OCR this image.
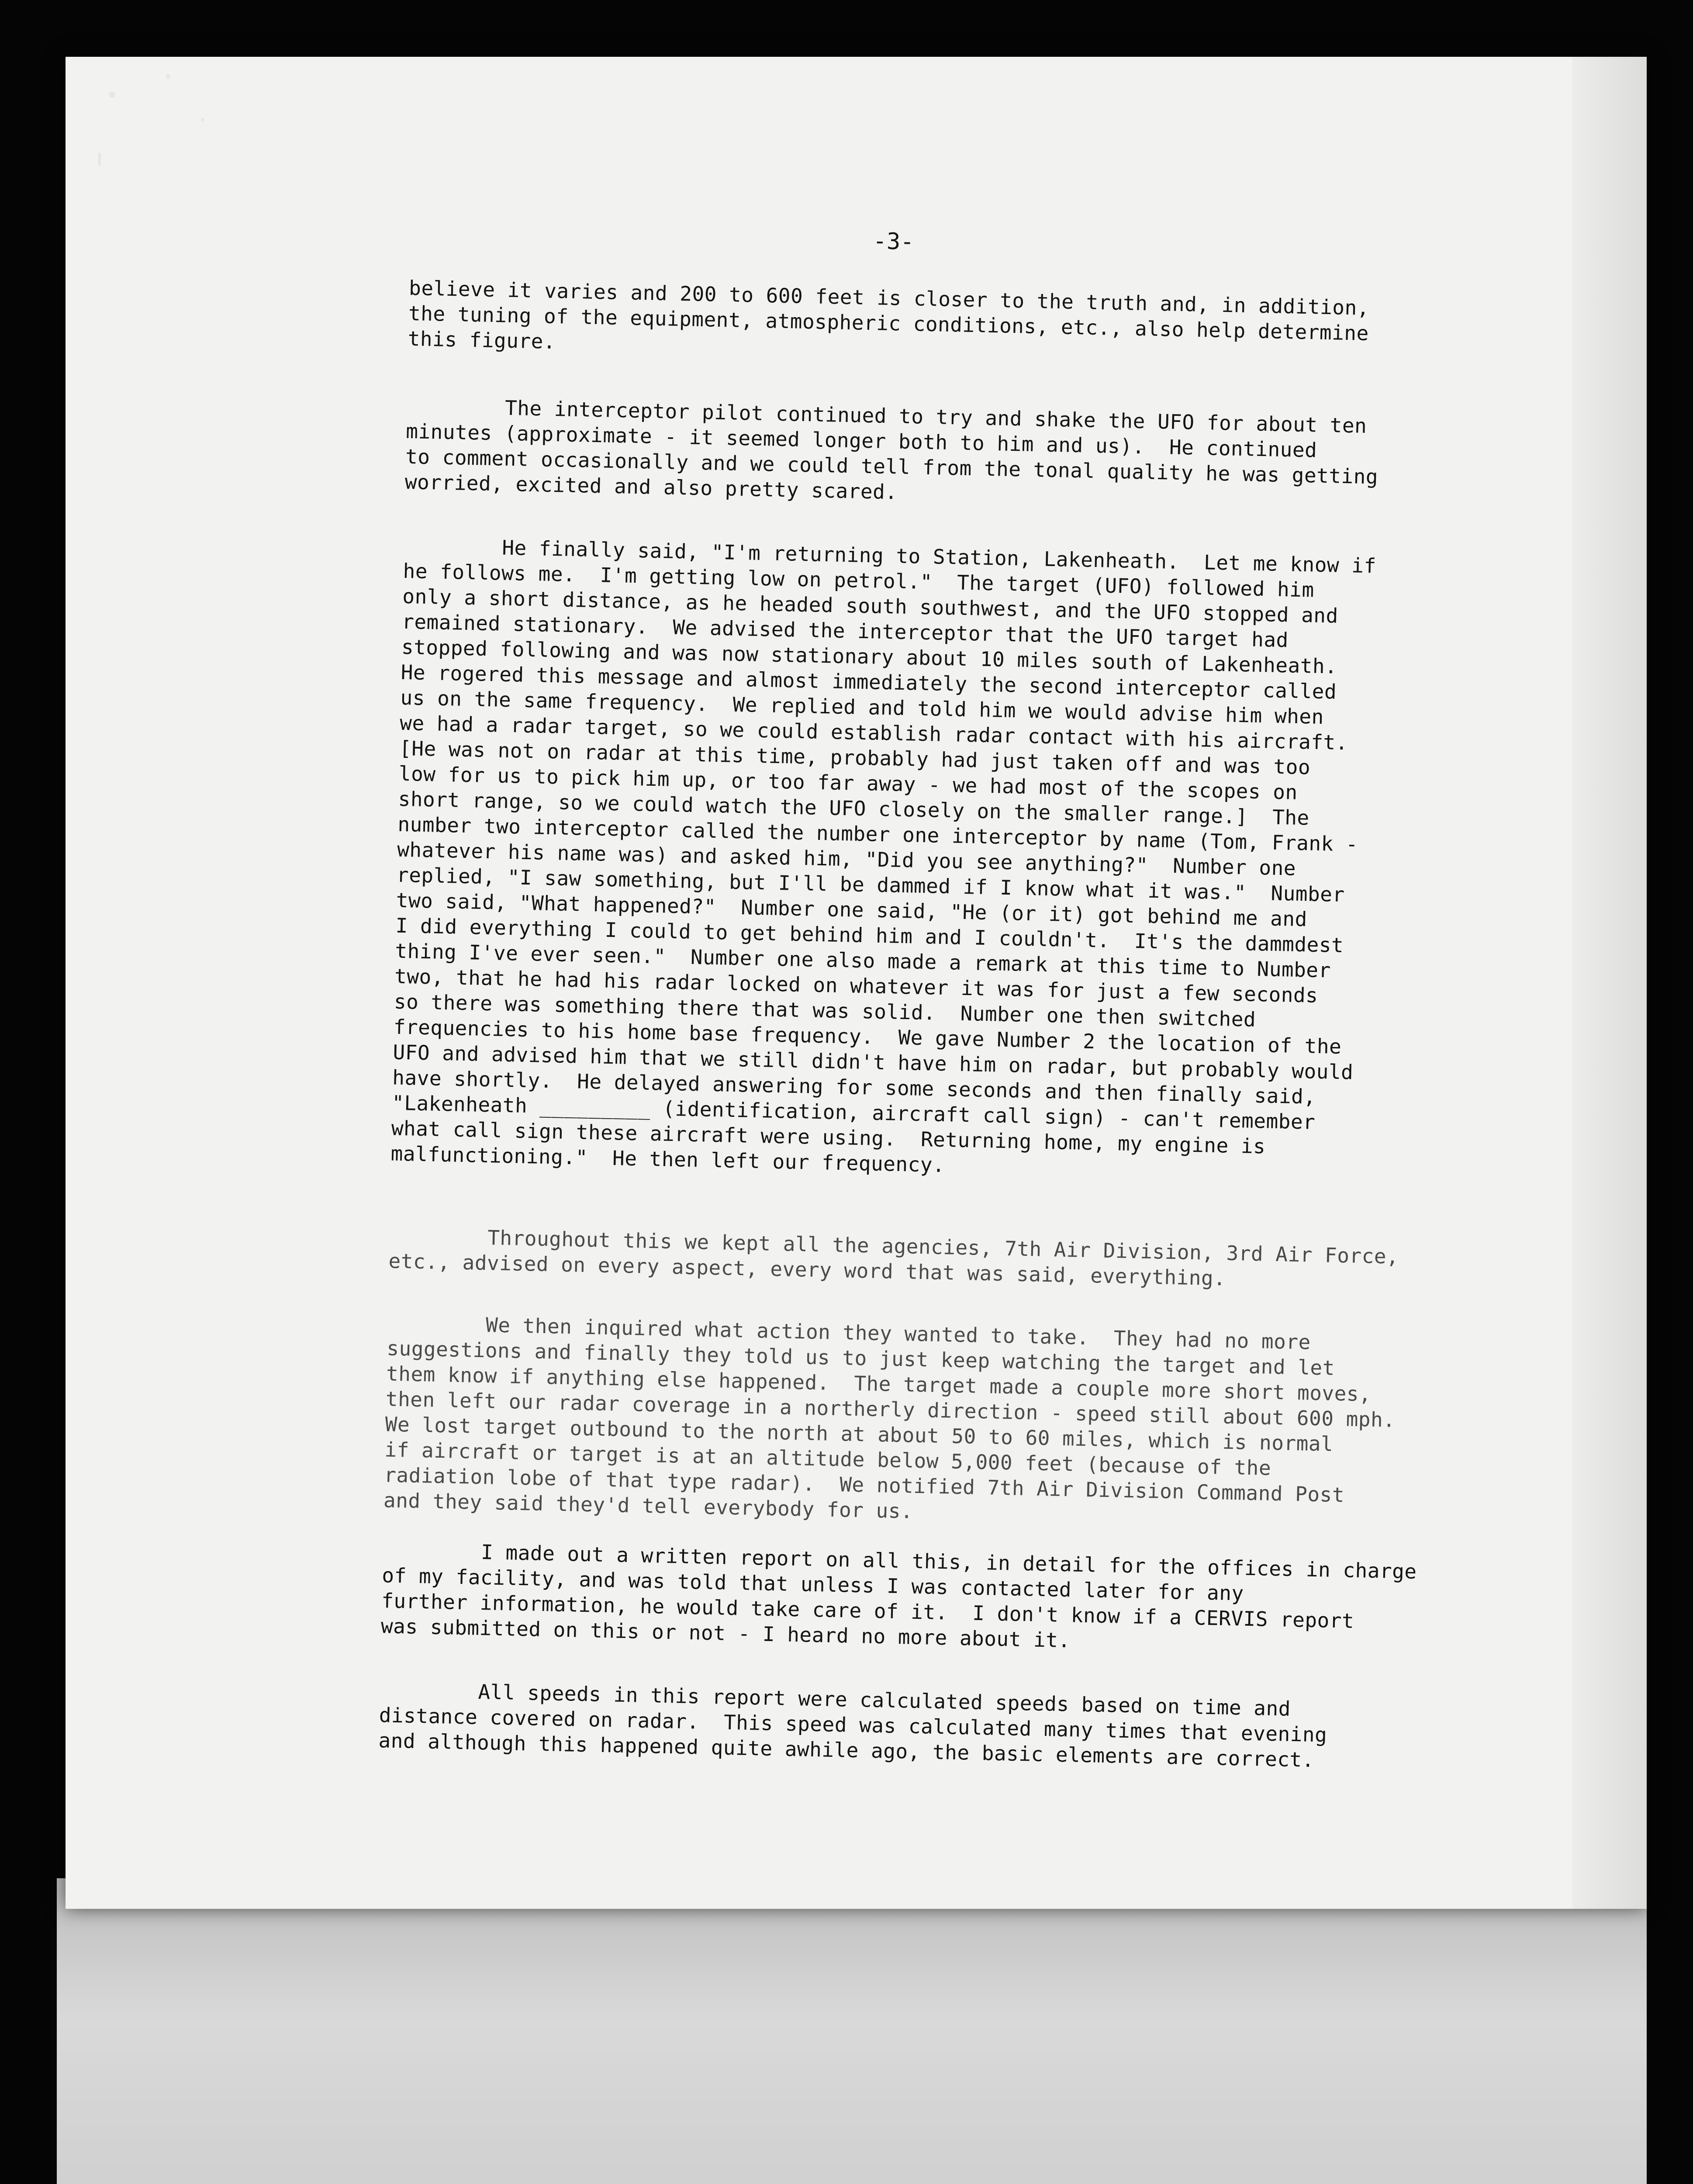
-3-

believe it varies and 200 to 600 feet is closer to the truth and, in addition,
the tuning of the equipment, atmospheric conditions, etc., also help determine
this figure.

The interceptor pilot continued to try and shake the UFO for about ten
minutes (approximate - it seemed longer both to him and us).  He continued
to comment occasionally and we could tell from the tonal quality he was getting
worried, excited and also pretty scared.

He finally said, "I'm returning to Station, Lakenheath.  Let me know if
he follows me.  I'm getting low on petrol."  The target (UFO) followed him
only a short distance, as he headed south southwest, and the UFO stopped and
remained stationary.  We advised the interceptor that the UFO target had
stopped following and was now stationary about 10 miles south of Lakenheath.
He rogered this message and almost immediately the second interceptor called
us on the same frequency.  We replied and told him we would advise him when
we had a radar target, so we could establish radar contact with his aircraft.
[He was not on radar at this time, probably had just taken off and was too
low for us to pick him up, or too far away - we had most of the scopes on
short range, so we could watch the UFO closely on the smaller range.]  The
number two interceptor called the number one interceptor by name (Tom, Frank -
whatever his name was) and asked him, "Did you see anything?"  Number one
replied, "I saw something, but I'll be dammed if I know what it was."  Number
two said, "What happened?"  Number one said, "He (or it) got behind me and
I did everything I could to get behind him and I couldn't.  It's the dammdest
thing I've ever seen."  Number one also made a remark at this time to Number
two, that he had his radar locked on whatever it was for just a few seconds
so there was something there that was solid.  Number one then switched
frequencies to his home base frequency.  We gave Number 2 the location of the
UFO and advised him that we still didn't have him on radar, but probably would
have shortly.  He delayed answering for some seconds and then finally said,
"Lakenheath _________ (identification, aircraft call sign) - can't remember
what call sign these aircraft were using.  Returning home, my engine is
malfunctioning."  He then left our frequency.

Throughout this we kept all the agencies, 7th Air Division, 3rd Air Force,
etc., advised on every aspect, every word that was said, everything.

We then inquired what action they wanted to take.  They had no more
suggestions and finally they told us to just keep watching the target and let
them know if anything else happened.  The target made a couple more short moves,
then left our radar coverage in a northerly direction - speed still about 600 mph.
We lost target outbound to the north at about 50 to 60 miles, which is normal
if aircraft or target is at an altitude below 5,000 feet (because of the
radiation lobe of that type radar).  We notified 7th Air Division Command Post
and they said they'd tell everybody for us.

I made out a written report on all this, in detail for the offices in charge
of my facility, and was told that unless I was contacted later for any
further information, he would take care of it.  I don't know if a CERVIS report
was submitted on this or not - I heard no more about it.

All speeds in this report were calculated speeds based on time and
distance covered on radar.  This speed was calculated many times that evening
and although this happened quite awhile ago, the basic elements are correct.
